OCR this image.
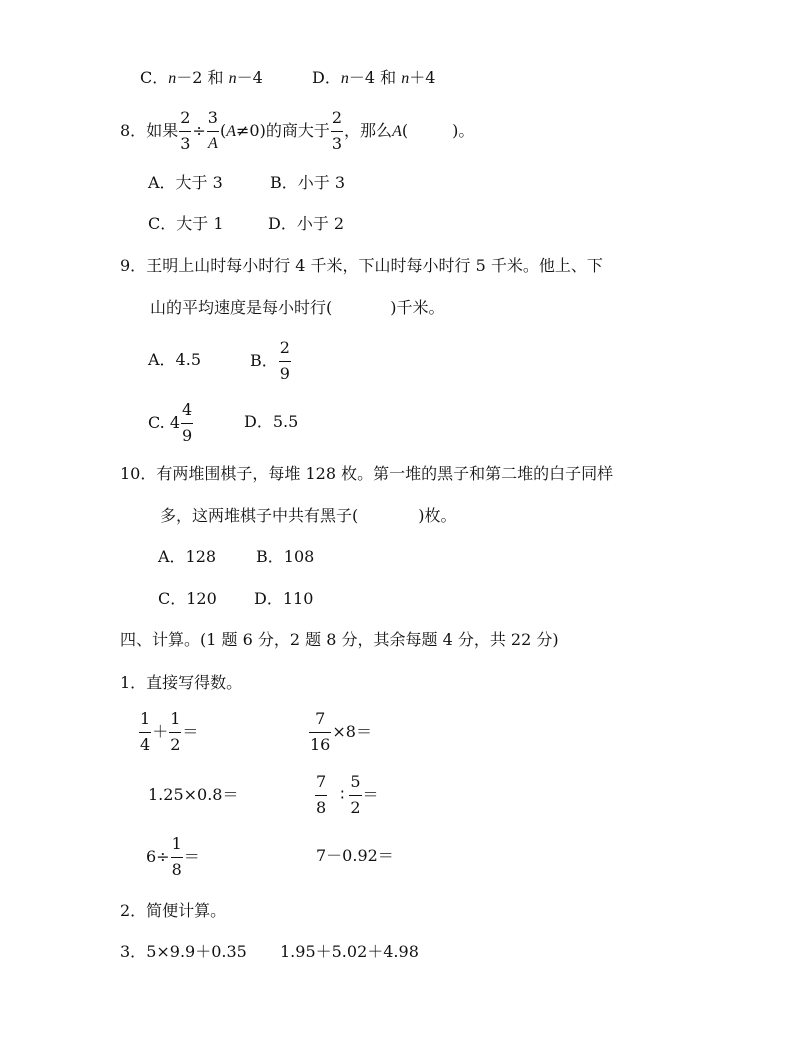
C．n－2 和 n－4	D．n－4 和 n＋4
8．如果 $\frac{2}{3} \div \frac{3}{A} (A\ne 0)$的商大于 $\frac{2}{3}$ ，那么A(	)。
A．大于 3	B．小于 3
C．大于 1	D．小于 2
9．王明上山时每小时行 4 千米，下山时每小时行 5 千米。他上、下
山的平均速度是每小时行(	)千米。
A．4.5	B． $\frac{2}{9}$
C. $4 \frac{4}{9}$	D．5.5
10．有两堆围棋子，每堆 128 枚。第一堆的黑子和第二堆的白子同样
多，这两堆棋子中共有黑子(	)枚。
A．128 B．108
C．120 D．110
四、计算。(1 题 6 分，2 题 8 分，其余每题 4 分，共 22 分)
1．直接写得数。
$\frac{1}{4} + \frac{1}{2}$ ＝	$\frac{7}{16} \times 8=$
1.25×0.8＝	$\frac{7}{8}$ ∶ $\frac{5}{2}$ ＝
$6\div \frac{1}{8}$ ＝	7－0.92＝
2．简便计算。
3．5×9.9＋0.35 1.95＋5.02＋4.98
